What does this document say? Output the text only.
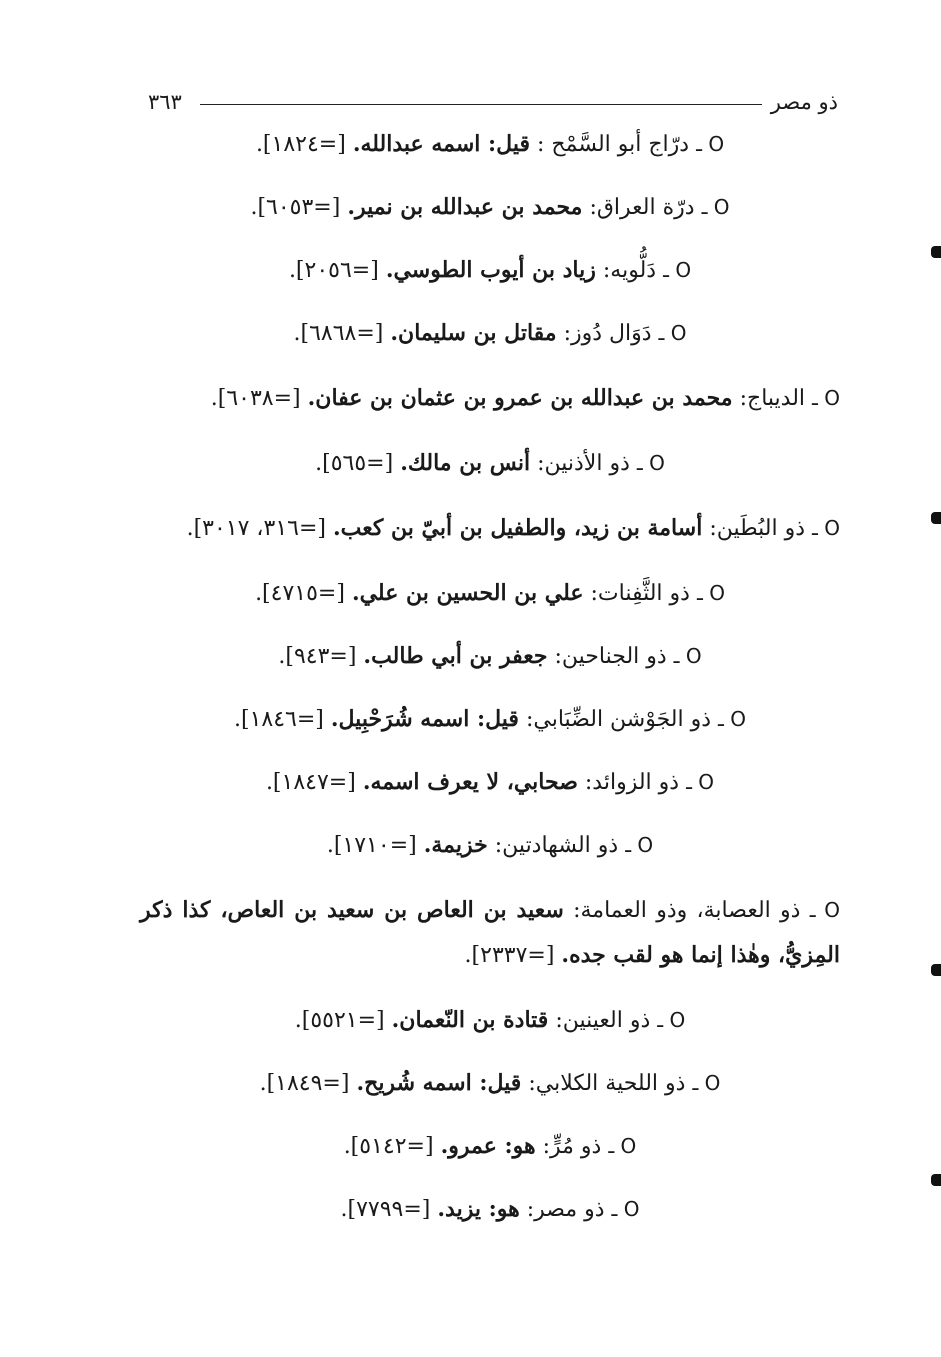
ذو مصر
٣٦٣

O ـ درّاج أبو السَّمْح : قيل: اسمه عبدالله. [=١٨٢٤].

O ـ درّة العراق: محمد بن عبدالله بن نمير. [=٦٠٥٣].

O ـ دَلُّويه: زياد بن أيوب الطوسي. [=٢٠٥٦].

O ـ دَوَال دُوز: مقاتل بن سليمان. [=٦٨٦٨].

O ـ الديباج: محمد بن عبدالله بن عمرو بن عثمان بن عفان. [=٦٠٣٨].

O ـ ذو الأذنين: أنس بن مالك. [=٥٦٥].

O ـ ذو البُطَين: أسامة بن زيد، والطفيل بن أبيّ بن كعب. [=٣١٦، ٣٠١٧].

O ـ ذو الثَّفِنات: علي بن الحسين بن علي. [=٤٧١٥].

O ـ ذو الجناحين: جعفر بن أبي طالب. [=٩٤٣].

O ـ ذو الجَوْشن الضِّبَابي: قيل: اسمه شُرَحْبِيل. [=١٨٤٦].

O ـ ذو الزوائد: صحابي، لا يعرف اسمه. [=١٨٤٧].

O ـ ذو الشهادتين: خزيمة. [=١٧١٠].

O ـ ذو العصابة، وذو العمامة: سعيد بن العاص بن سعيد بن العاص، كذا ذكر المِزيُّ، وهٰذا إنما هو لقب جده. [=٢٣٣٧].

O ـ ذو العينين: قتادة بن النّعمان. [=٥٥٢١].

O ـ ذو اللحية الكلابي: قيل: اسمه شُريح. [=١٨٤٩].

O ـ ذو مُرٍّ: هو: عمرو. [=٥١٤٢].

O ـ ذو مصر: هو: يزيد. [=٧٧٩٩].
